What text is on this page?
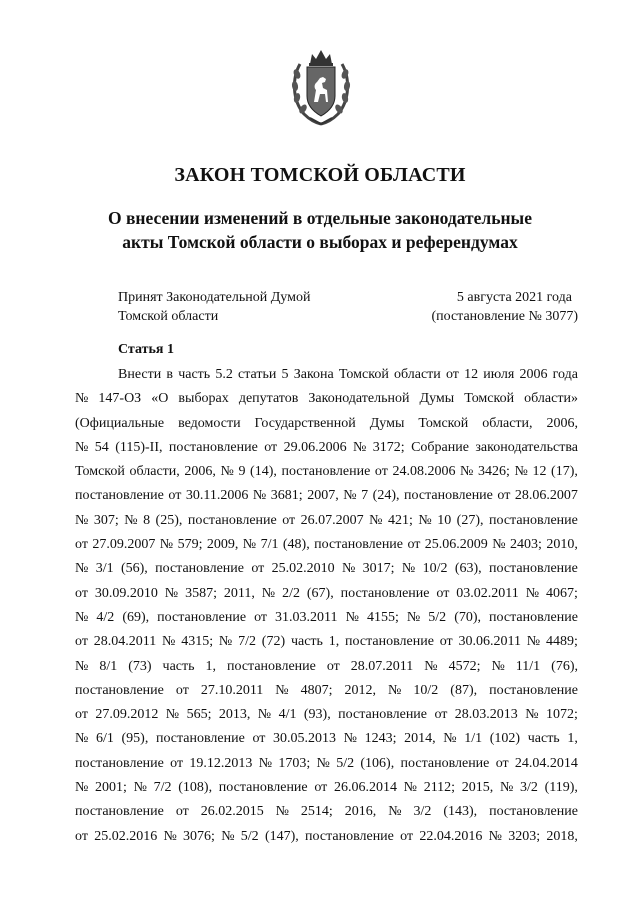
ЗАКОН ТОМСКОЙ ОБЛАСТИ
О внесении изменений в отдельные законодательные
акты Томской области о выборах и референдумах
Принят Законодательной Думой
Томской области
5 августа 2021 года
(постановление № 3077)
Статья 1
Внести в часть 5.2 статьи 5 Закона Томской области от 12 июля 2006 года
№ 147-ОЗ «О выборах депутатов Законодательной Думы Томской области»
(Официальные ведомости Государственной Думы Томской области, 2006,
№ 54 (115)-II, постановление от 29.06.2006 № 3172; Собрание законодательства
Томской области, 2006, № 9 (14), постановление от 24.08.2006 № 3426; № 12 (17),
постановление от 30.11.2006 № 3681; 2007, № 7 (24), постановление от 28.06.2007
№ 307; № 8 (25), постановление от 26.07.2007 № 421; № 10 (27), постановление
от 27.09.2007 № 579; 2009, № 7/1 (48), постановление от 25.06.2009 № 2403; 2010,
№ 3/1 (56), постановление от 25.02.2010 № 3017; № 10/2 (63), постановление
от 30.09.2010 № 3587; 2011, № 2/2 (67), постановление от 03.02.2011 № 4067;
№ 4/2 (69), постановление от 31.03.2011 № 4155; № 5/2 (70), постановление
от 28.04.2011 № 4315; № 7/2 (72) часть 1, постановление от 30.06.2011 № 4489;
№ 8/1 (73) часть 1, постановление от 28.07.2011 № 4572; № 11/1 (76),
постановление от 27.10.2011 № 4807; 2012, № 10/2 (87), постановление
от 27.09.2012 № 565; 2013, № 4/1 (93), постановление от 28.03.2013 № 1072;
№ 6/1 (95), постановление от 30.05.2013 № 1243; 2014, № 1/1 (102) часть 1,
постановление от 19.12.2013 № 1703; № 5/2 (106), постановление от 24.04.2014
№ 2001; № 7/2 (108), постановление от 26.06.2014 № 2112; 2015, № 3/2 (119),
постановление от 26.02.2015 № 2514; 2016, № 3/2 (143), постановление
от 25.02.2016 № 3076; № 5/2 (147), постановление от 22.04.2016 № 3203; 2018,
